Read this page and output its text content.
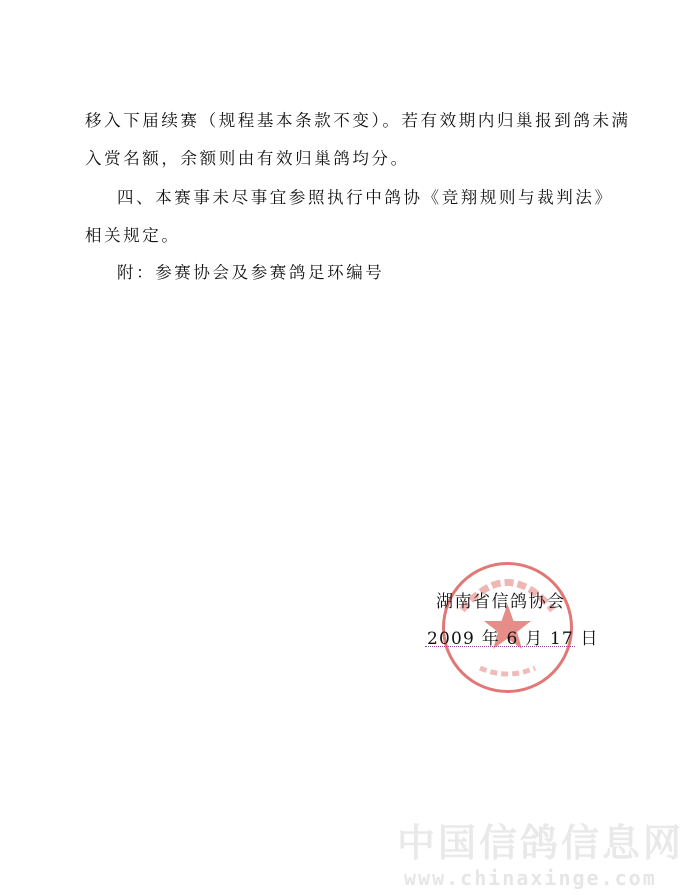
移入下届续赛（规程基本条款不变）。若有效期内归巢报到鸽未满
入赏名额，余额则由有效归巢鸽均分。
四、本赛事未尽事宜参照执行中鸽协《竞翔规则与裁判法》
相关规定。
附：参赛协会及参赛鸽足环编号
湖南省信鸽协会
2009 年 6 月 17 日
中国信鸽信息网
www.chinaxinge.com
